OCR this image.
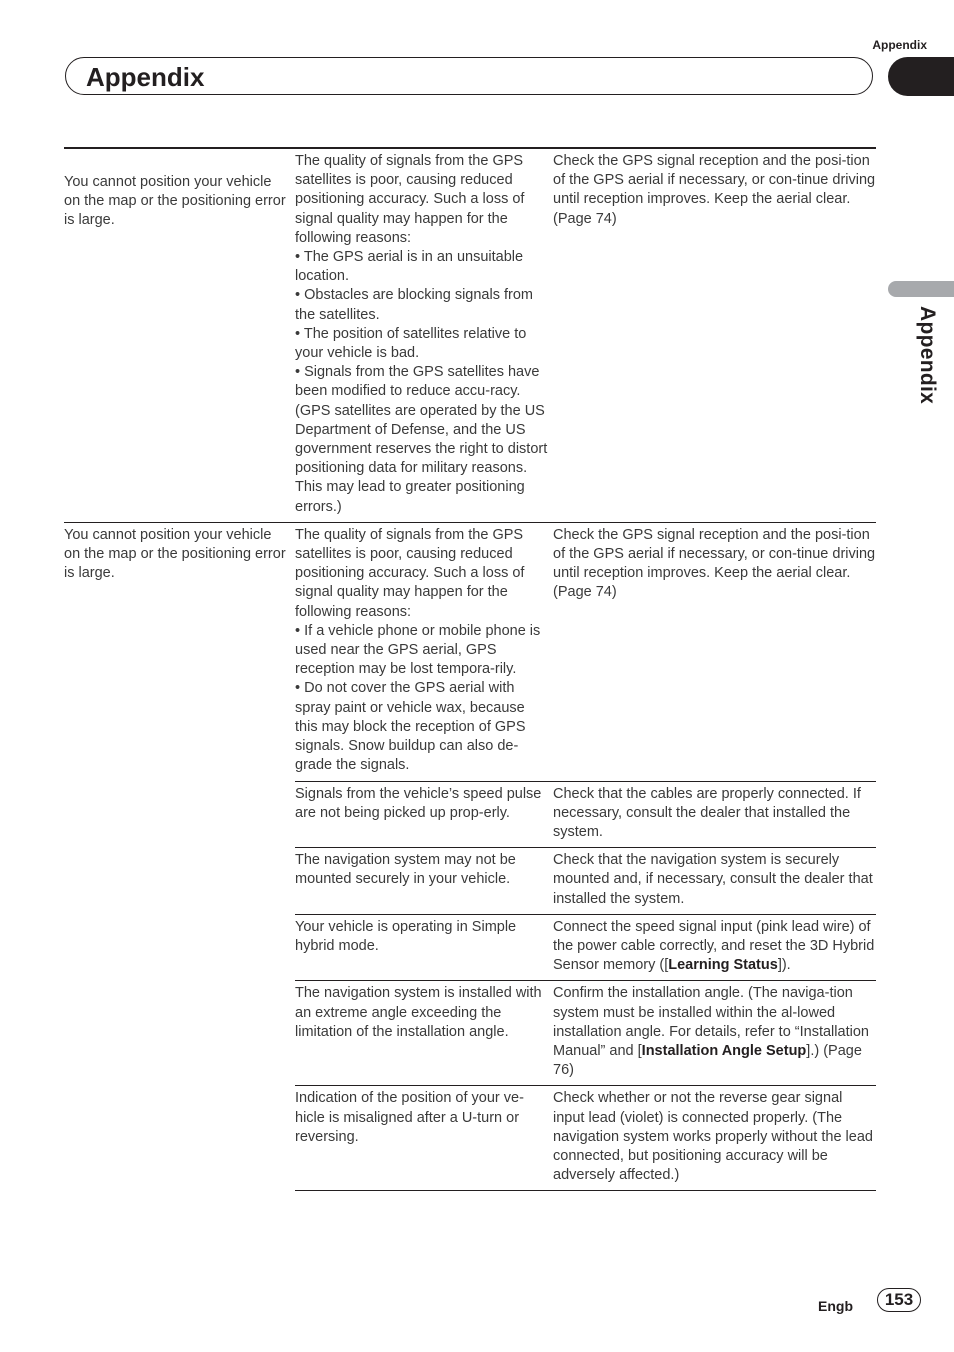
Appendix
Appendix
Appendix
You cannot position your vehicle on the map or the positioning error is large.	The quality of signals from the GPS satellites is poor, causing reduced positioning accuracy. Such a loss of signal quality may happen for the following reasons:
• The GPS aerial is in an unsuitable location.
• Obstacles are blocking signals from the satellites.
• The position of satellites relative to your vehicle is bad.
• Signals from the GPS satellites have been modified to reduce accu-racy. (GPS satellites are operated by the US Department of Defense, and the US government reserves the right to distort positioning data for military reasons. This may lead to greater positioning errors.)	Check the GPS signal reception and the posi-tion of the GPS aerial if necessary, or con-tinue driving until reception improves. Keep the aerial clear. (Page 74)
You cannot position your vehicle on the map or the positioning error is large.	The quality of signals from the GPS satellites is poor, causing reduced positioning accuracy. Such a loss of signal quality may happen for the following reasons:
• If a vehicle phone or mobile phone is used near the GPS aerial, GPS reception may be lost tempora-rily.
• Do not cover the GPS aerial with spray paint or vehicle wax, because this may block the reception of GPS signals. Snow buildup can also de-grade the signals.	Check the GPS signal reception and the posi-tion of the GPS aerial if necessary, or con-tinue driving until reception improves. Keep the aerial clear. (Page 74)
	Signals from the vehicle’s speed pulse are not being picked up prop-erly.	Check that the cables are properly connected. If necessary, consult the dealer that installed the system.
	The navigation system may not be mounted securely in your vehicle.	Check that the navigation system is securely mounted and, if necessary, consult the dealer that installed the system.
	Your vehicle is operating in Simple hybrid mode.	Connect the speed signal input (pink lead wire) of the power cable correctly, and reset the 3D Hybrid Sensor memory ([Learning Status]).
	The navigation system is installed with an extreme angle exceeding the limitation of the installation angle.	Confirm the installation angle. (The naviga-tion system must be installed within the al-lowed installation angle. For details, refer to “Installation Manual” and [Installation Angle Setup].) (Page 76)
	Indication of the position of your ve-hicle is misaligned after a U-turn or reversing.	Check whether or not the reverse gear signal input lead (violet) is connected properly. (The navigation system works properly without the lead connected, but positioning accuracy will be adversely affected.)
Engb	153
